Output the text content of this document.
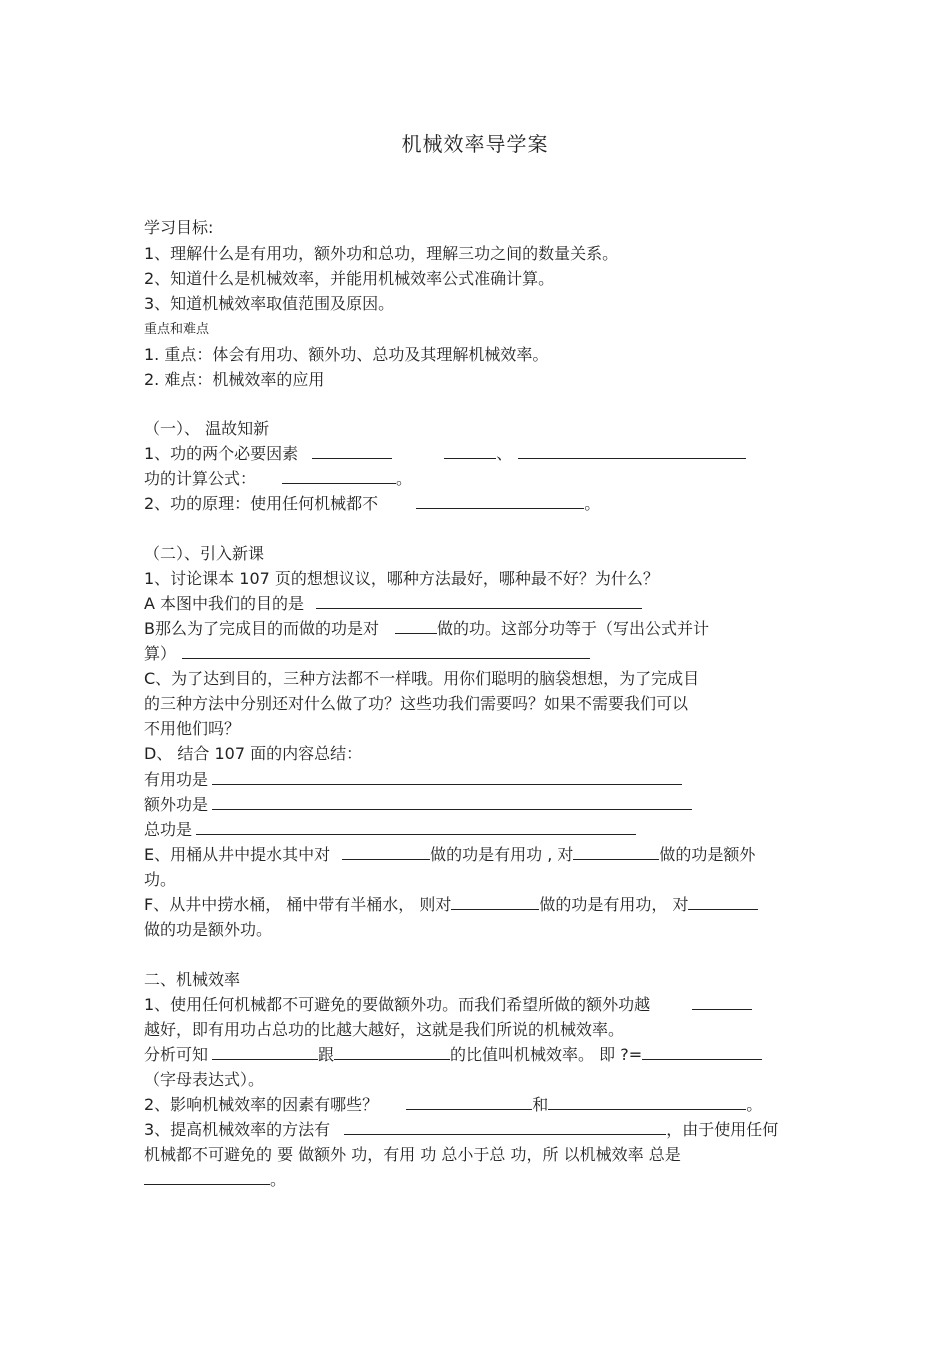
机械效率导学案
学习目标:
1、理解什么是有用功，额外功和总功，理解三功之间的数量关系。
2、知道什么是机械效率，并能用机械效率公式准确计算。
3、知道机械效率取值范围及原因。
重点和难点
1. 重点：体会有用功、额外功、总功及其理解机械效率。
2. 难点：机械效率的应用
（一）、 温故知新
1、功的两个必要因素	、
功的计算公式：	。
2、功的原理：使用任何机械都不	。
（二）、引入新课
1、讨论课本 107 页的想想议议，哪种方法最好，哪种最不好？为什么？
A 本图中我们的目的是
B那么为了完成目的而做的功是对	做的功。这部分功等于（写出公式并计
算）
C、为了达到目的，三种方法都不一样哦。用你们聪明的脑袋想想，为了完成目
的三种方法中分别还对什么做了功？这些功我们需要吗？如果不需要我们可以
不用他们吗？
D、 结合 107 面的内容总结：
有用功是
额外功是
总功是
E、用桶从井中提水其中对	做的功是有用功 , 对	做的功是额外
功。
F、从井中捞水桶， 桶中带有半桶水， 则对	做的功是有用功， 对
做的功是额外功。
二、机械效率
1、使用任何机械都不可避免的要做额外功。而我们希望所做的额外功越
越好，即有用功占总功的比越大越好，这就是我们所说的机械效率。
分析可知	跟	的比值叫机械效率。 即 ?=
（字母表达式）。
2、影响机械效率的因素有哪些？	和	。
3、提高机械效率的方法有	，由于使用任何
机械都不可避免的 要 做额外 功，有用 功 总小于总 功，所 以机械效率 总是
。
